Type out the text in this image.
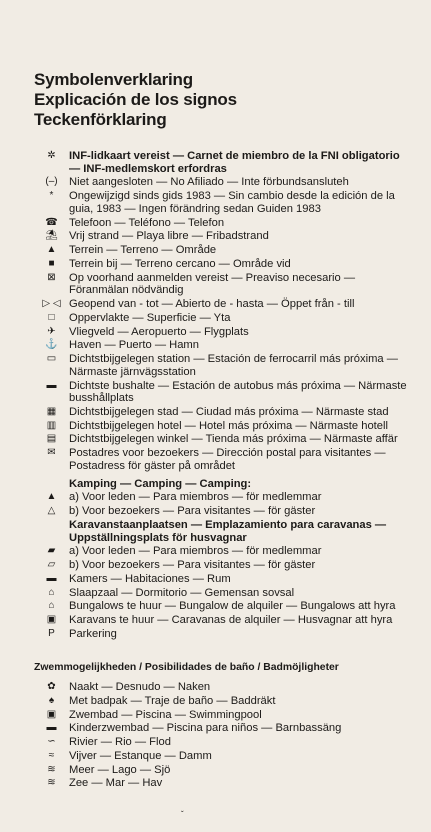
Symbolenverklaring
Explicación de los signos
Teckenförklaring
✲	INF-lidkaart vereist — Carnet de miembro de la FNI obligatorio — INF-medlemskort erfordras
(–)	Niet aangesloten — No Afiliado — Inte förbundsansluteh
*	Ongewijzigd sinds gids 1983 — Sin cambio desde la edición de la guia, 1983 — Ingen förändring sedan Guiden 1983
☎	Telefoon — Teléfono — Telefon
⛱ Vrij strand — Playa libre — Fribadstrand
▲	Terrein — Terreno — Område
■	Terrein bij — Terreno cercano — Område vid
⊠	Op voorhand aanmelden vereist — Preaviso necesario — Föranmälan nödvändig
▷ ◁ Geopend van - tot — Abierto de - hasta — Öppet från - till
□	Oppervlakte — Superficie — Yta
✈	Vliegveld — Aeropuerto — Flygplats
⚓	Haven — Puerto — Hamn
▭	Dichtstbijgelegen station — Estación de ferrocarril más próxima — Närmaste järnvägsstation
▬	Dichtste bushalte — Estación de autobus más próxima — Närmaste busshållplats
▦	Dichtstbijgelegen stad — Ciudad más próxima — Närmaste stad
▥	Dichtstbijgelegen hotel — Hotel más próxima — Närmaste hotell
▤	Dichtstbijgelegen winkel — Tienda más próxima — Närmaste affär
✉	Postadres voor bezoekers — Dirección postal para visitantes — Postadress för gäster på området
Kamping — Camping — Camping:
▲	a) Voor leden — Para miembros — för medlemmar
△	b) Voor bezoekers — Para visitantes — för gäster
Karavanstaanplaatsen — Emplazamiento para caravanas — Uppställningsplats för husvagnar
▰	a) Voor leden — Para miembros — för medlemmar
▱	b) Voor bezoekers — Para visitantes — för gäster
▬	Kamers — Habitaciones — Rum
⌂	Slaapzaal — Dormitorio — Gemensan sovsal
⌂	Bungalows te huur — Bungalow de alquiler — Bungalows att hyra
▣	Karavans te huur — Caravanas de alquiler — Husvagnar att hyra
P	Parkering
Zwemmogelijkheden / Posibilidades de baño / Badmöjligheter
✿	Naakt — Desnudo — Naken
♠	Met badpak — Traje de baño — Baddräkt
▣	Zwembad — Piscina — Swimmingpool
▬	Kinderzwembad — Piscina para niños — Barnbassäng
∽	Rivier — Rio — Flod
≈	Vijver — Estanque — Damm
≋	Meer — Lago — Sjö
≋	Zee — Mar — Hav
ˇ
